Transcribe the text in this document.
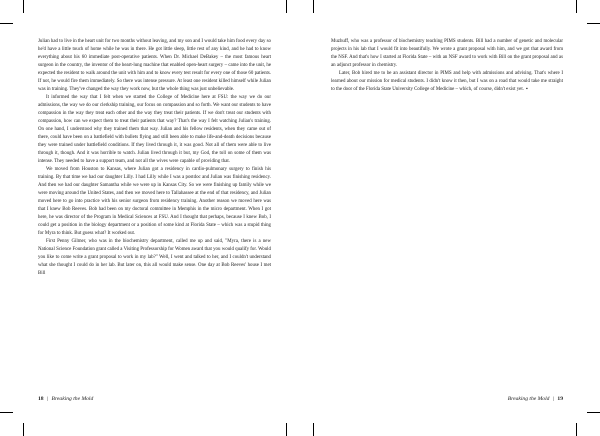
Julian had to live in the heart unit for two months without leaving, and my son and I would take him food every day so he'd have a little touch of home while he was in there. He got little sleep, little rest of any kind, and he had to know everything about his 60 immediate post-operative patients. When Dr. Michael DeBakey – the most famous heart surgeon in the country, the inventor of the heart-lung machine that enabled open-heart surgery – came into the unit, he expected the resident to walk around the unit with him and to know every test result for every one of those 60 patients. If not, he would fire them immediately. So there was intense pressure. At least one resident killed himself while Julian was in training. They've changed the way they work now, but the whole thing was just unbelievable.

It informed the way that I felt when we started the College of Medicine here at FSU: the way we do our admissions, the way we do our clerkship training, our focus on compassion and so forth. We want our students to have compassion in the way they treat each other and the way they treat their patients. If we don't treat our students with compassion, how can we expect them to treat their patients that way? That's the way I felt watching Julian's training. On one hand, I understood why they trained them that way. Julian and his fellow residents, when they came out of there, could have been on a battlefield with bullets flying and still been able to make life-and-death decisions because they were trained under battlefield conditions. If they lived through it, it was good. Not all of them were able to live through it, though. And it was horrible to watch. Julian lived through it but, my God, the toll on some of them was intense. They needed to have a support team, and not all the wives were capable of providing that.

We moved from Houston to Kansas, where Julian got a residency in cardio-pulmonary surgery to finish his training. By that time we had our daughter Lilly. I had Lilly while I was a postdoc and Julian was finishing residency. And then we had our daughter Samantha while we were up in Kansas City. So we were finishing up family while we were moving around the United States, and then we moved here to Tallahassee at the end of that residency, and Julian moved here to go into practice with his senior surgeon from residency training. Another reason we moved here was that I knew Bob Reeves. Bob had been on my doctoral committee in Memphis in the micro department. When I got here, he was director of the Program in Medical Sciences at FSU. And I thought that perhaps, because I knew Bob, I could get a position in the biology department or a position of some kind at Florida State – which was a stupid thing for Myra to think. But guess what? It worked out.

First Penny Gilmer, who was in the biochemistry department, called me up and said, "Myra, there is a new National Science Foundation grant called a Visiting Professorship for Women award that you would qualify for. Would you like to come write a grant proposal to work in my lab?" Well, I went and talked to her, and I couldn't understand what she thought I could do in her lab. But later on, this all would make sense. One day at Bob Reeves' house I met Bill

Muzhuff, who was a professor of biochemistry teaching PIMS students. Bill had a number of genetic and molecular projects in his lab that I would fit into beautifully. We wrote a grant proposal with him, and we got that award from the NSF. And that's how I started at Florida State – with an NSF award to work with Bill on the grant proposal and as an adjunct professor in chemistry.

Later, Bob hired me to be an assistant director in PIMS and help with admissions and advising. That's where I learned about our mission for medical students. I didn't know it then, but I was on a road that would take me straight to the door of the Florida State University College of Medicine – which, of course, didn't exist yet. ▪

18 | Breaking the Mold	Breaking the Mold | 19
